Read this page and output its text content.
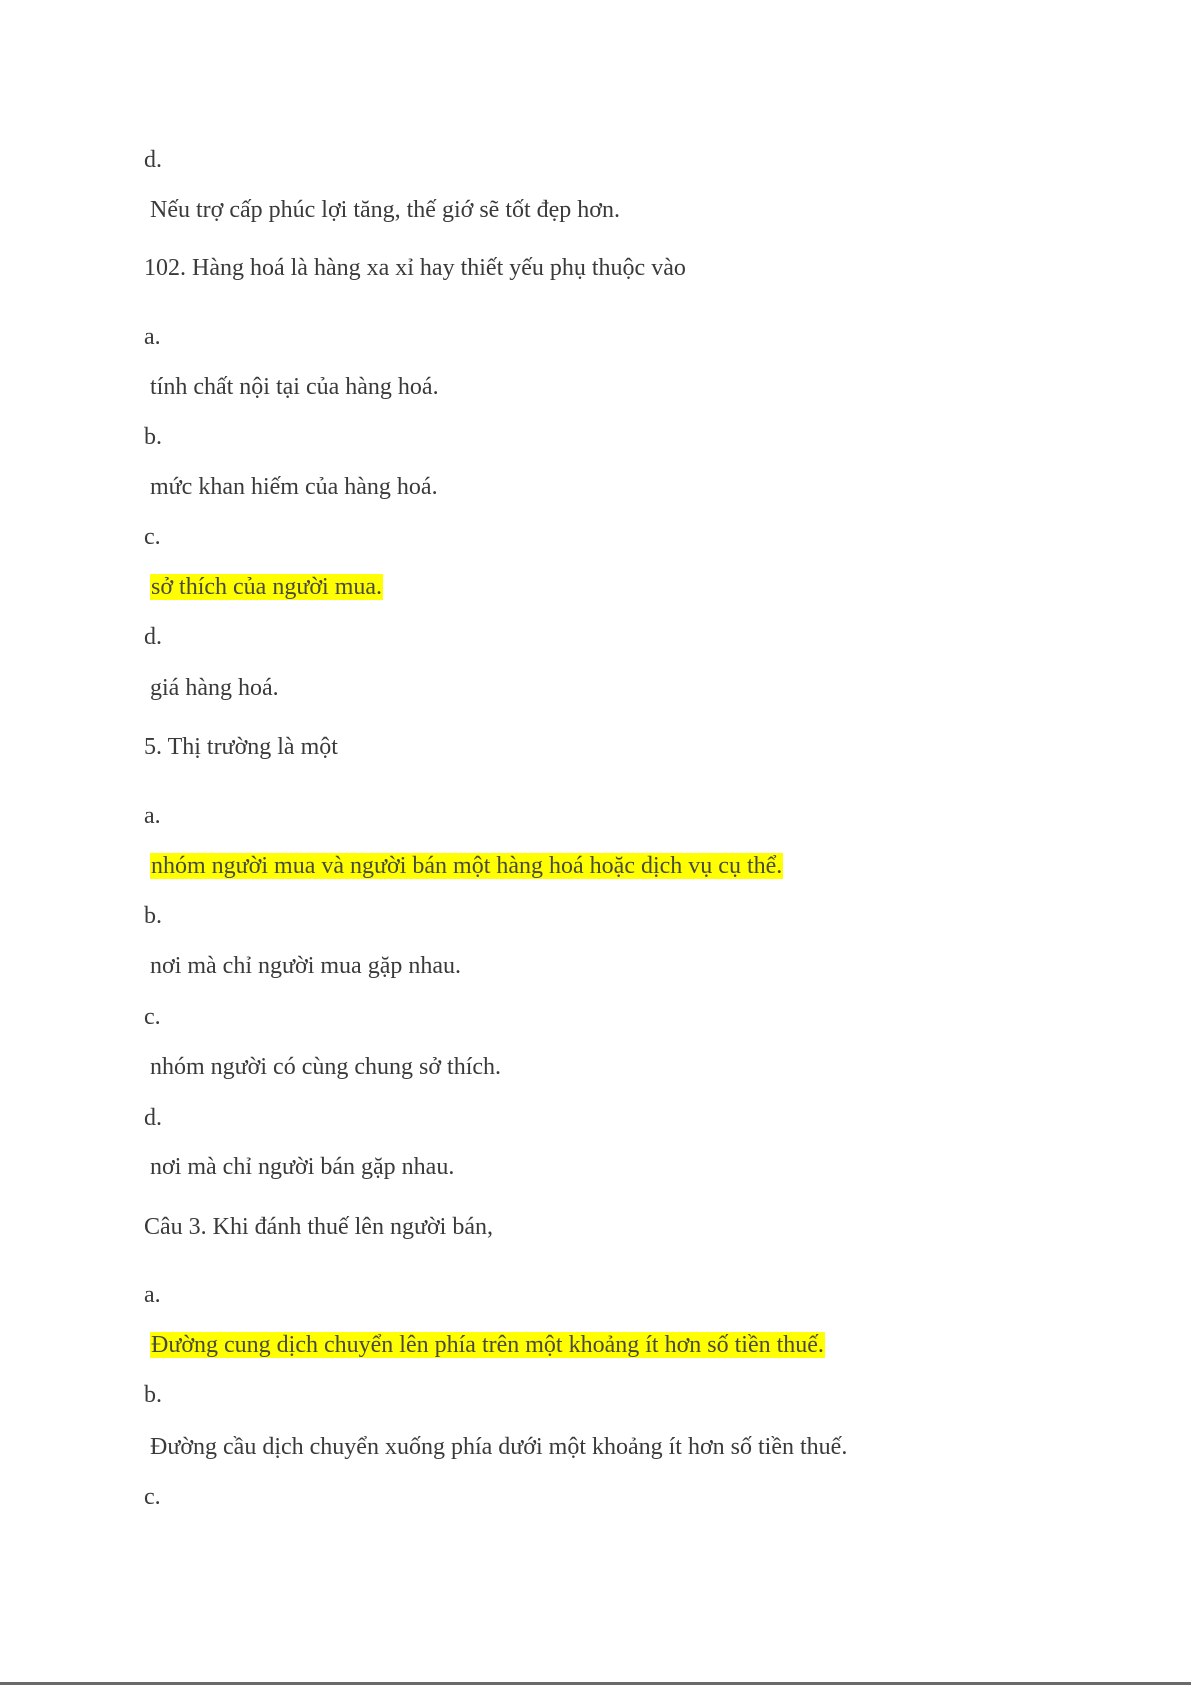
d.
Nếu trợ cấp phúc lợi tăng, thế giớ sẽ tốt đẹp hơn.
102. Hàng hoá là hàng xa xỉ hay thiết yếu phụ thuộc vào
a.
tính chất nội tại của hàng hoá.
b.
mức khan hiếm của hàng hoá.
c.
sở thích của người mua.
d.
giá hàng hoá.
5. Thị trường là một
a.
nhóm người mua và người bán một hàng hoá hoặc dịch vụ cụ thể.
b.
nơi mà chỉ người mua gặp nhau.
c.
nhóm người có cùng chung sở thích.
d.
nơi mà chỉ người bán gặp nhau.
Câu 3. Khi đánh thuế lên người bán,
a.
Đường cung dịch chuyển lên phía trên một khoảng ít hơn số tiền thuế.
b.
Đường cầu dịch chuyển xuống phía dưới một khoảng ít hơn số tiền thuế.
c.
